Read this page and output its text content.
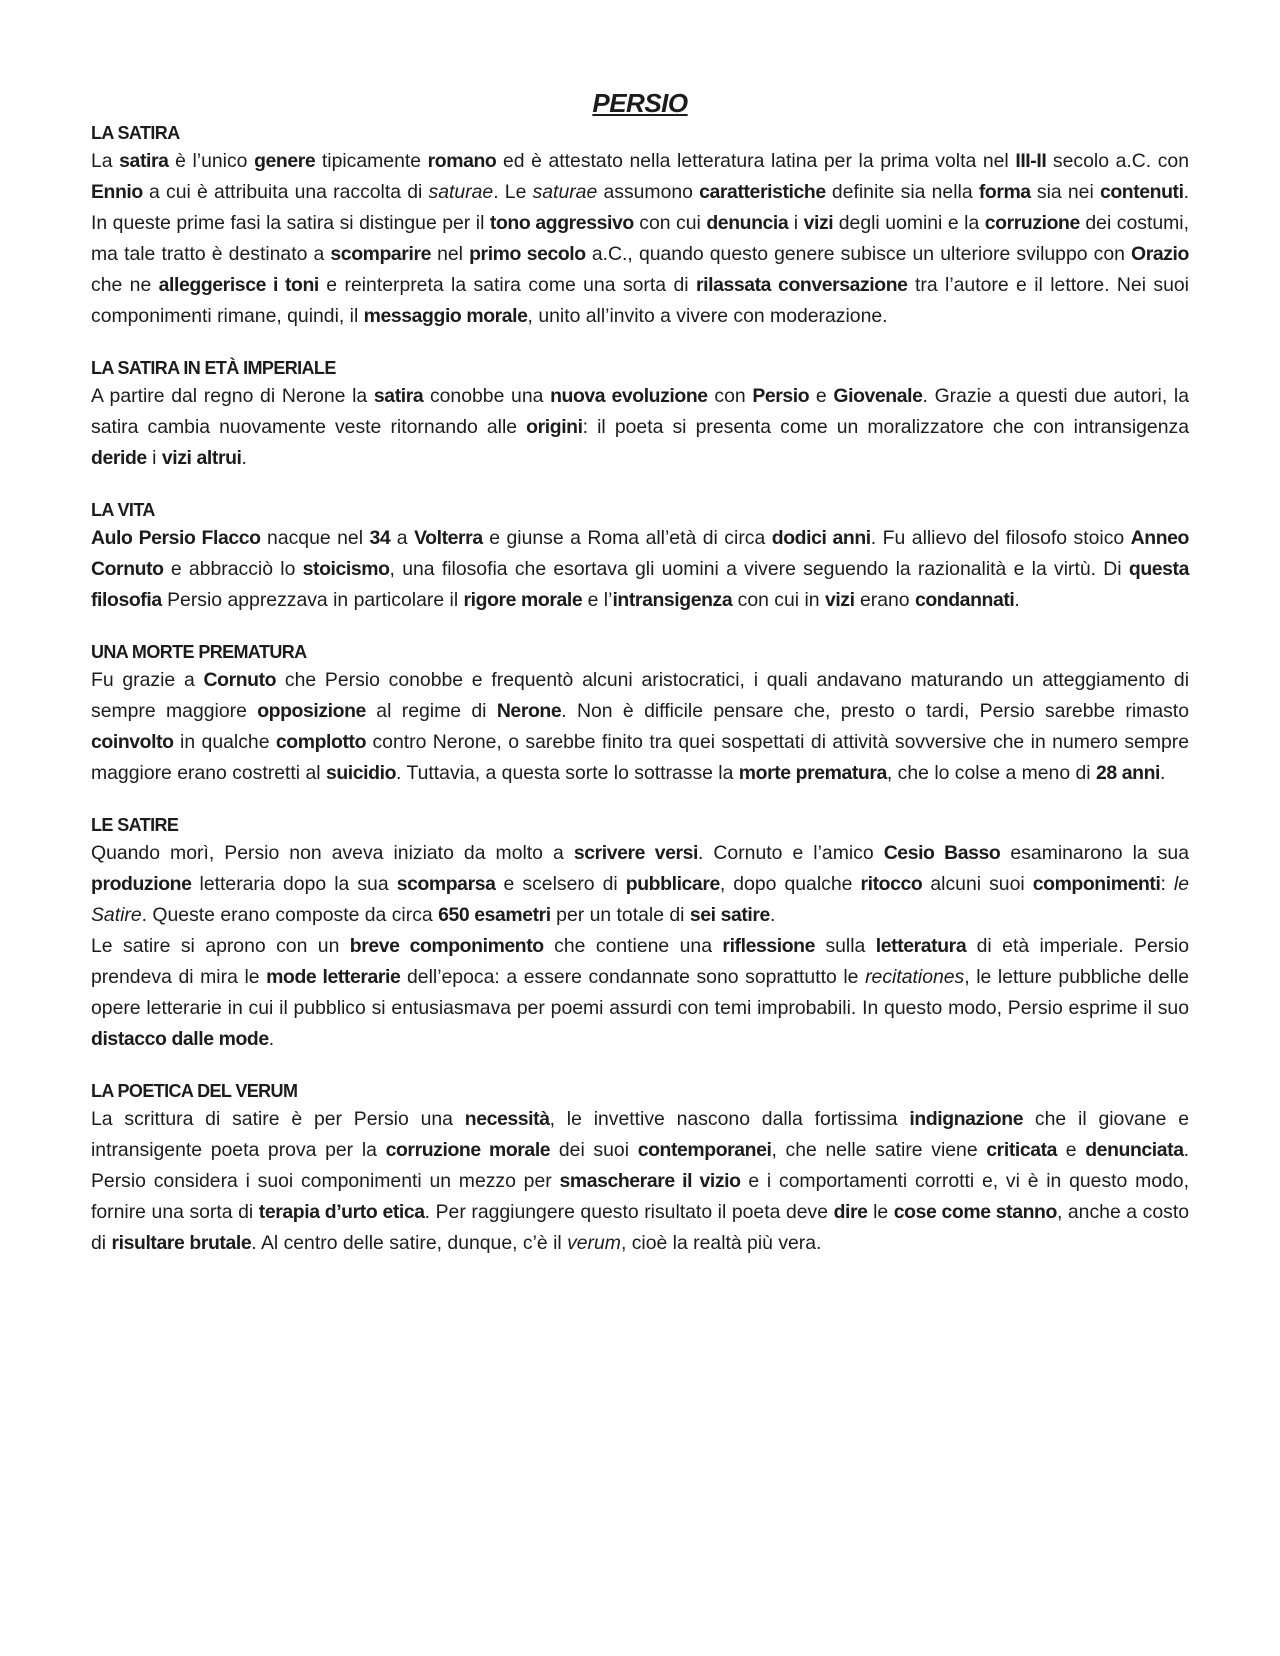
PERSIO
LA SATIRA

La satira è l’unico genere tipicamente romano ed è attestato nella letteratura latina per la prima volta nel III-II secolo a.C. con Ennio a cui è attribuita una raccolta di saturae. Le saturae assumono caratteristiche definite sia nella forma sia nei contenuti. In queste prime fasi la satira si distingue per il tono aggressivo con cui denuncia i vizi degli uomini e la corruzione dei costumi, ma tale tratto è destinato a scomparire nel primo secolo a.C., quando questo genere subisce un ulteriore sviluppo con Orazio che ne alleggerisce i toni e reinterpreta la satira come una sorta di rilassata conversazione tra l’autore e il lettore. Nei suoi componimenti rimane, quindi, il messaggio morale, unito all’invito a vivere con moderazione.

LA SATIRA IN ETÀ IMPERIALE

A partire dal regno di Nerone la satira conobbe una nuova evoluzione con Persio e Giovenale. Grazie a questi due autori, la satira cambia nuovamente veste ritornando alle origini: il poeta si presenta come un moralizzatore che con intransigenza deride i vizi altrui.

LA VITA

Aulo Persio Flacco nacque nel 34 a Volterra e giunse a Roma all’età di circa dodici anni. Fu allievo del filosofo stoico Anneo Cornuto e abbracciò lo stoicismo, una filosofia che esortava gli uomini a vivere seguendo la razionalità e la virtù. Di questa filosofia Persio apprezzava in particolare il rigore morale e l’intransigenza con cui in vizi erano condannati.

UNA MORTE PREMATURA

Fu grazie a Cornuto che Persio conobbe e frequentò alcuni aristocratici, i quali andavano maturando un atteggiamento di sempre maggiore opposizione al regime di Nerone. Non è difficile pensare che, presto o tardi, Persio sarebbe rimasto coinvolto in qualche complotto contro Nerone, o sarebbe finito tra quei sospettati di attività sovversive che in numero sempre maggiore erano costretti al suicidio. Tuttavia, a questa sorte lo sottrasse la morte prematura, che lo colse a meno di 28 anni.

LE SATIRE

Quando morì, Persio non aveva iniziato da molto a scrivere versi. Cornuto e l’amico Cesio Basso esaminarono la sua produzione letteraria dopo la sua scomparsa e scelsero di pubblicare, dopo qualche ritocco alcuni suoi componimenti: le Satire. Queste erano composte da circa 650 esametri per un totale di sei satire.

Le satire si aprono con un breve componimento che contiene una riflessione sulla letteratura di età imperiale. Persio prendeva di mira le mode letterarie dell’epoca: a essere condannate sono soprattutto le recitationes, le letture pubbliche delle opere letterarie in cui il pubblico si entusiasmava per poemi assurdi con temi improbabili. In questo modo, Persio esprime il suo distacco dalle mode.

LA POETICA DEL VERUM

La scrittura di satire è per Persio una necessità, le invettive nascono dalla fortissima indignazione che il giovane e intransigente poeta prova per la corruzione morale dei suoi contemporanei, che nelle satire viene criticata e denunciata. Persio considera i suoi componimenti un mezzo per smascherare il vizio e i comportamenti corrotti e, vi è in questo modo, fornire una sorta di terapia d’urto etica. Per raggiungere questo risultato il poeta deve dire le cose come stanno, anche a costo di risultare brutale. Al centro delle satire, dunque, c’è il verum, cioè la realtà più vera.
